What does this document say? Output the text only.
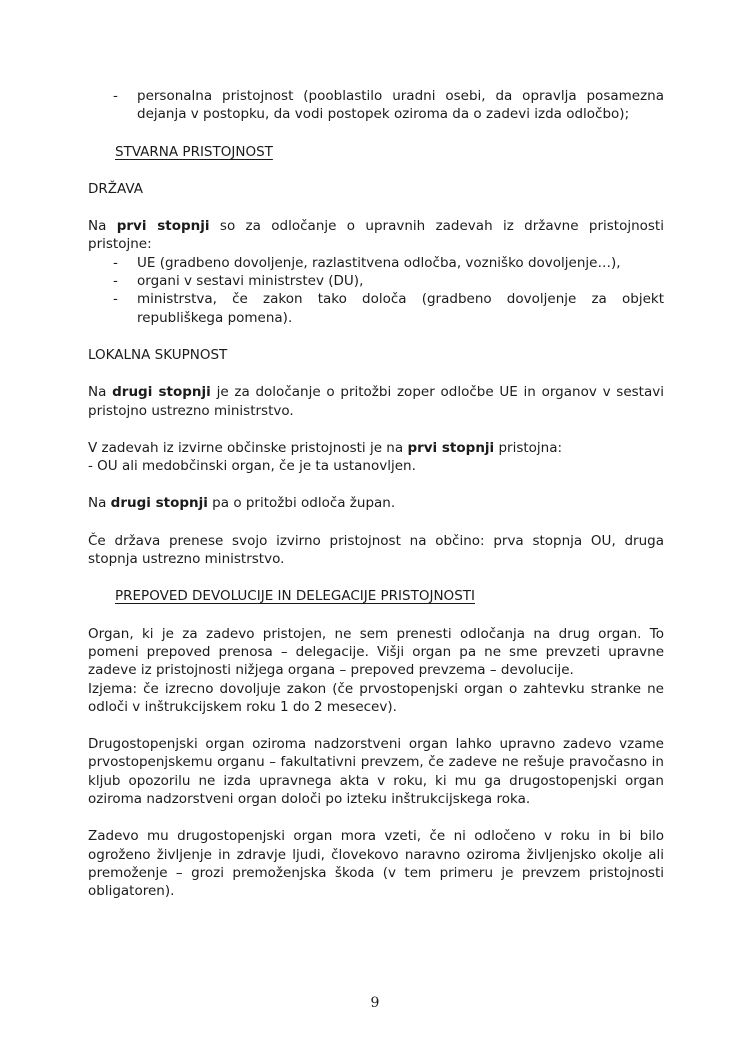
- personalna pristojnost (pooblastilo uradni osebi, da opravlja posamezna dejanja v postopku, da vodi postopek oziroma da o zadevi izda odločbo);
STVARNA PRISTOJNOST
DRŽAVA
Na prvi stopnji so za odločanje o upravnih zadevah iz državne pristojnosti pristojne:
- UE (gradbeno dovoljenje, razlastitvena odločba, vozniško dovoljenje…),
- organi v sestavi ministrstev (DU),
- ministrstva, če zakon tako določa (gradbeno dovoljenje za objekt republiškega pomena).
LOKALNA SKUPNOST
Na drugi stopnji je za določanje o pritožbi zoper odločbe UE in organov v sestavi pristojno ustrezno ministrstvo.
V zadevah iz izvirne občinske pristojnosti je na prvi stopnji pristojna:
- OU ali medobčinski organ, če je ta ustanovljen.
Na drugi stopnji pa o pritožbi odloča župan.
Če država prenese svojo izvirno pristojnost na občino: prva stopnja OU, druga stopnja ustrezno ministrstvo.
PREPOVED DEVOLUCIJE IN DELEGACIJE PRISTOJNOSTI
Organ, ki je za zadevo pristojen, ne sem prenesti odločanja na drug organ. To pomeni prepoved prenosa – delegacije. Višji organ pa ne sme prevzeti upravne zadeve iz pristojnosti nižjega organa – prepoved prevzema – devolucije.
Izjema: če izrecno dovoljuje zakon (če prvostopenjski organ o zahtevku stranke ne odloči v inštrukcijskem roku 1 do 2 mesecev).
Drugostopenjski organ oziroma nadzorstveni organ lahko upravno zadevo vzame prvostopenjskemu organu – fakultativni prevzem, če zadeve ne rešuje pravočasno in kljub opozorilu ne izda upravnega akta v roku, ki mu ga drugostopenjski organ oziroma nadzorstveni organ določi po izteku inštrukcijskega roka.
Zadevo mu drugostopenjski organ mora vzeti, če ni odločeno v roku in bi bilo ogroženo življenje in zdravje ljudi, človekovo naravno oziroma življenjsko okolje ali premoženje – grozi premoženjska škoda (v tem primeru je prevzem pristojnosti obligatoren).
9
